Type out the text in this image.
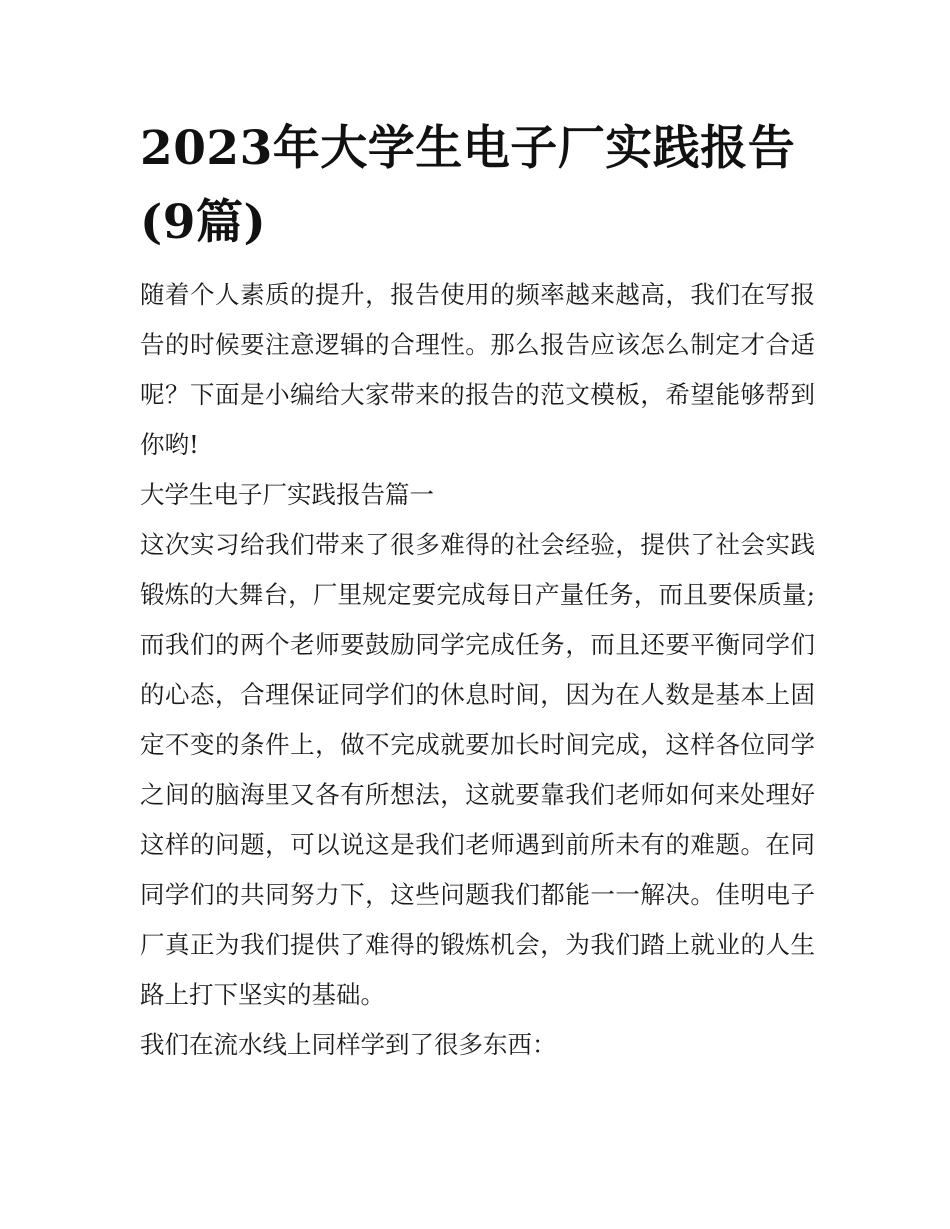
2023年大学生电子厂实践报告(9篇)

随着个人素质的提升，报告使用的频率越来越高，我们在写报告的时候要注意逻辑的合理性。那么报告应该怎么制定才合适呢？下面是小编给大家带来的报告的范文模板，希望能够帮到你哟!

大学生电子厂实践报告篇一

这次实习给我们带来了很多难得的社会经验，提供了社会实践锻炼的大舞台，厂里规定要完成每日产量任务，而且要保质量;而我们的两个老师要鼓励同学完成任务，而且还要平衡同学们的心态，合理保证同学们的休息时间，因为在人数是基本上固定不变的条件上，做不完成就要加长时间完成，这样各位同学之间的脑海里又各有所想法，这就要靠我们老师如何来处理好这样的问题，可以说这是我们老师遇到前所未有的难题。在同同学们的共同努力下，这些问题我们都能一一解决。佳明电子厂真正为我们提供了难得的锻炼机会，为我们踏上就业的人生路上打下坚实的基础。

我们在流水线上同样学到了很多东西：
